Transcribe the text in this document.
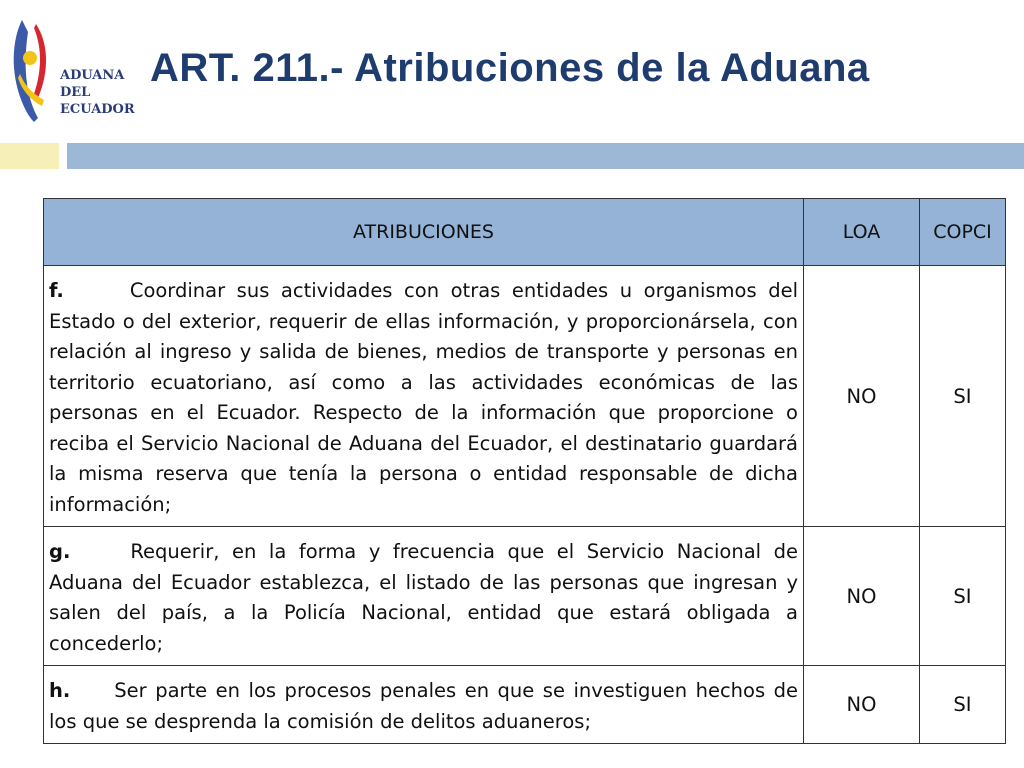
ADUANA
DEL
ECUADOR
ART. 211.- Atribuciones de la Aduana
ATRIBUCIONES	LOA	COPCI
f. Coordinar sus actividades con otras entidades u organismos del Estado o del exterior, requerir de ellas información, y proporcionársela, con relación al ingreso y salida de bienes, medios de transporte y personas en territorio ecuatoriano, así como a las actividades económicas de las personas en el Ecuador. Respecto de la información que proporcione o reciba el Servicio Nacional de Aduana del Ecuador, el destinatario guardará la misma reserva que tenía la persona o entidad responsable de dicha información;	NO	SI
g. Requerir, en la forma y frecuencia que el Servicio Nacional de Aduana del Ecuador establezca, el listado de las personas que ingresan y salen del país, a la Policía Nacional, entidad que estará obligada a concederlo;	NO	SI
h. Ser parte en los procesos penales en que se investiguen hechos de los que se desprenda la comisión de delitos aduaneros;	NO	SI
